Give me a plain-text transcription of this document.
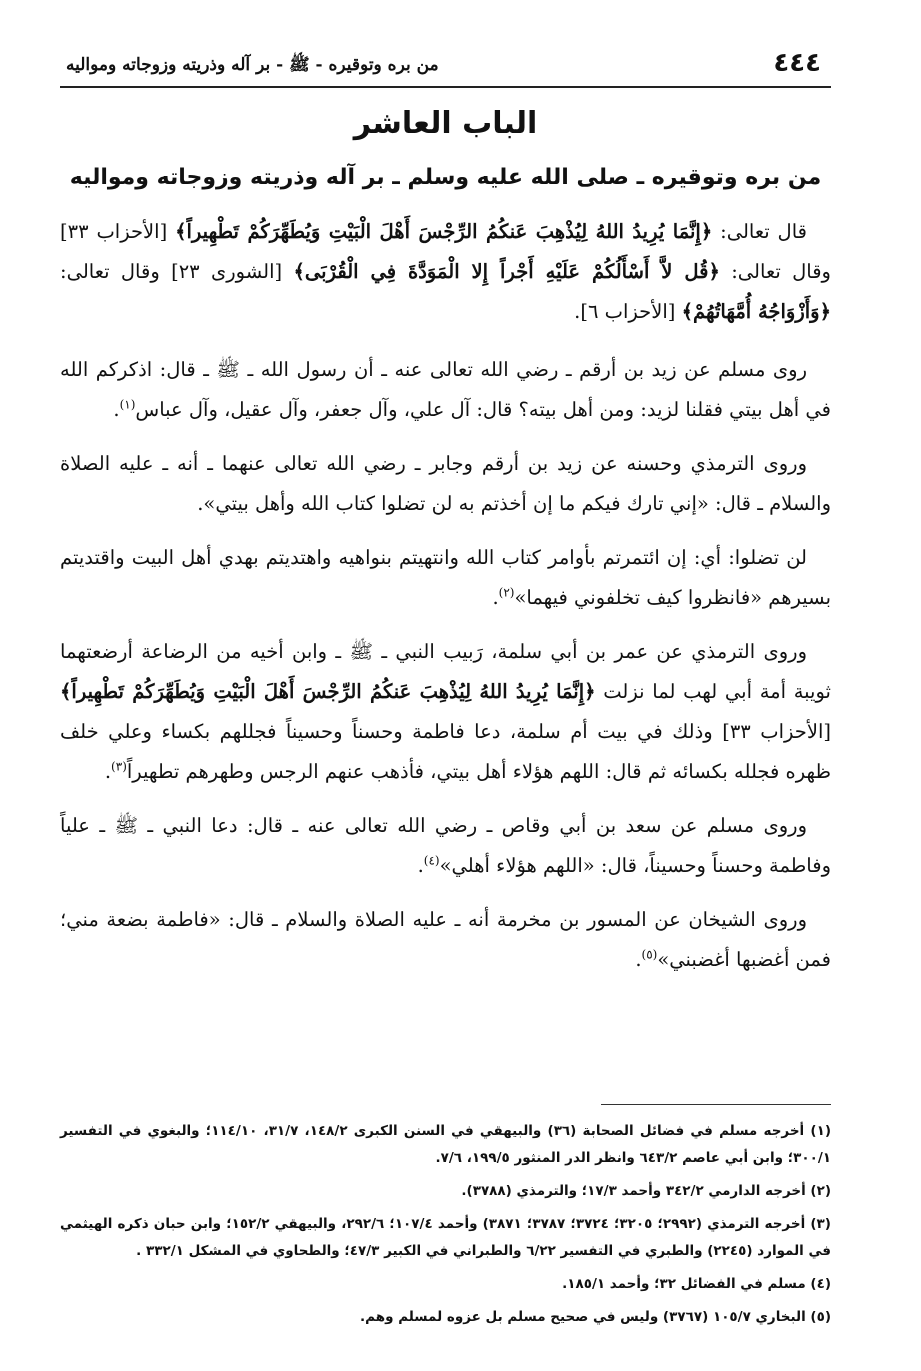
٤٤٤
من بره وتوقيره - ﷺ - بر آله وذريته وزوجاته ومواليه
الباب العاشر
من بره وتوقيره ـ صلى الله عليه وسلم ـ بر آله وذريته وزوجاته ومواليه

قال تعالى: ﴿إِنَّمَا يُرِيدُ اللهُ لِيُذْهِبَ عَنكُمُ الرِّجْسَ أَهْلَ الْبَيْتِ وَيُطَهِّرَكُمْ تَطْهِيراً﴾ [الأحزاب ٣٣] وقال تعالى: ﴿قُل لاَّ أَسْأَلُكُمْ عَلَيْهِ أَجْراً إِلا الْمَوَدَّةَ فِي الْقُرْبَى﴾ [الشورى ٢٣] وقال تعالى: ﴿وَأَزْوَاجُهُ أُمَّهَاتُهُمْ﴾ [الأحزاب ٦].

روى مسلم عن زيد بن أرقم ـ رضي الله تعالى عنه ـ أن رسول الله ـ ﷺ ـ قال: اذكركم الله في أهل بيتي فقلنا لزيد: ومن أهل بيته؟ قال: آل علي، وآل جعفر، وآل عقيل، وآل عباس$^{(١)}$.

وروى الترمذي وحسنه عن زيد بن أرقم وجابر ـ رضي الله تعالى عنهما ـ أنه ـ عليه الصلاة والسلام ـ قال: «إني تارك فيكم ما إن أخذتم به لن تضلوا كتاب الله وأهل بيتي».

لن تضلوا: أي: إن ائتمرتم بأوامر كتاب الله وانتهيتم بنواهيه واهتديتم بهدي أهل البيت واقتديتم بسيرهم «فانظروا كيف تخلفوني فيهما»$^{(٢)}$.

وروى الترمذي عن عمر بن أبي سلمة، رَبيب النبي ـ ﷺ ـ وابن أخيه من الرضاعة أرضعتهما ثويبة أمة أبي لهب لما نزلت ﴿إِنَّمَا يُرِيدُ اللهُ لِيُذْهِبَ عَنكُمُ الرِّجْسَ أَهْلَ الْبَيْتِ وَيُطَهِّرَكُمْ تَطْهِيراً﴾ [الأحزاب ٣٣] وذلك في بيت أم سلمة، دعا فاطمة وحسناً وحسيناً فجللهم بكساء وعلي خلف ظهره فجلله بكسائه ثم قال: اللهم هؤلاء أهل بيتي، فأذهب عنهم الرجس وطهرهم تطهيراً$^{(٣)}$.

وروى مسلم عن سعد بن أبي وقاص ـ رضي الله تعالى عنه ـ قال: دعا النبي ـ ﷺ ـ علياً وفاطمة وحسناً وحسيناً، قال: «اللهم هؤلاء أهلي»$^{(٤)}$.

وروى الشيخان عن المسور بن مخرمة أنه ـ عليه الصلاة والسلام ـ قال: «فاطمة بضعة مني؛ فمن أغضبها أغضبني»$^{(٥)}$.

(١) أخرجه مسلم في فضائل الصحابة (٣٦) والبيهقي في السنن الكبرى ١٤٨/٢، ٣١/٧، ١١٤/١٠؛ والبغوي في التفسير ٣٠٠/١؛ وابن أبي عاصم ٦٤٣/٢ وانظر الدر المنثور ١٩٩/٥، ٧/٦.

(٢) أخرجه الدارمي ٣٤٢/٢ وأحمد ١٧/٣؛ والترمذي (٣٧٨٨).

(٣) أخرجه الترمذي (٢٩٩٢؛ ٣٢٠٥؛ ٣٧٢٤؛ ٣٧٨٧؛ ٣٨٧١) وأحمد ١٠٧/٤؛ ٢٩٢/٦، والبيهقي ١٥٢/٢؛ وابن حبان ذكره الهيثمي في الموارد (٢٢٤٥) والطبري في التفسير ٦/٢٢ والطبراني في الكبير ٤٧/٣؛ والطحاوي في المشكل ٣٣٢/١ .

(٤) مسلم في الفضائل ٣٢؛ وأحمد ١٨٥/١.

(٥) البخاري ١٠٥/٧ (٣٧٦٧) وليس في صحيح مسلم بل عزوه لمسلم وهم.
